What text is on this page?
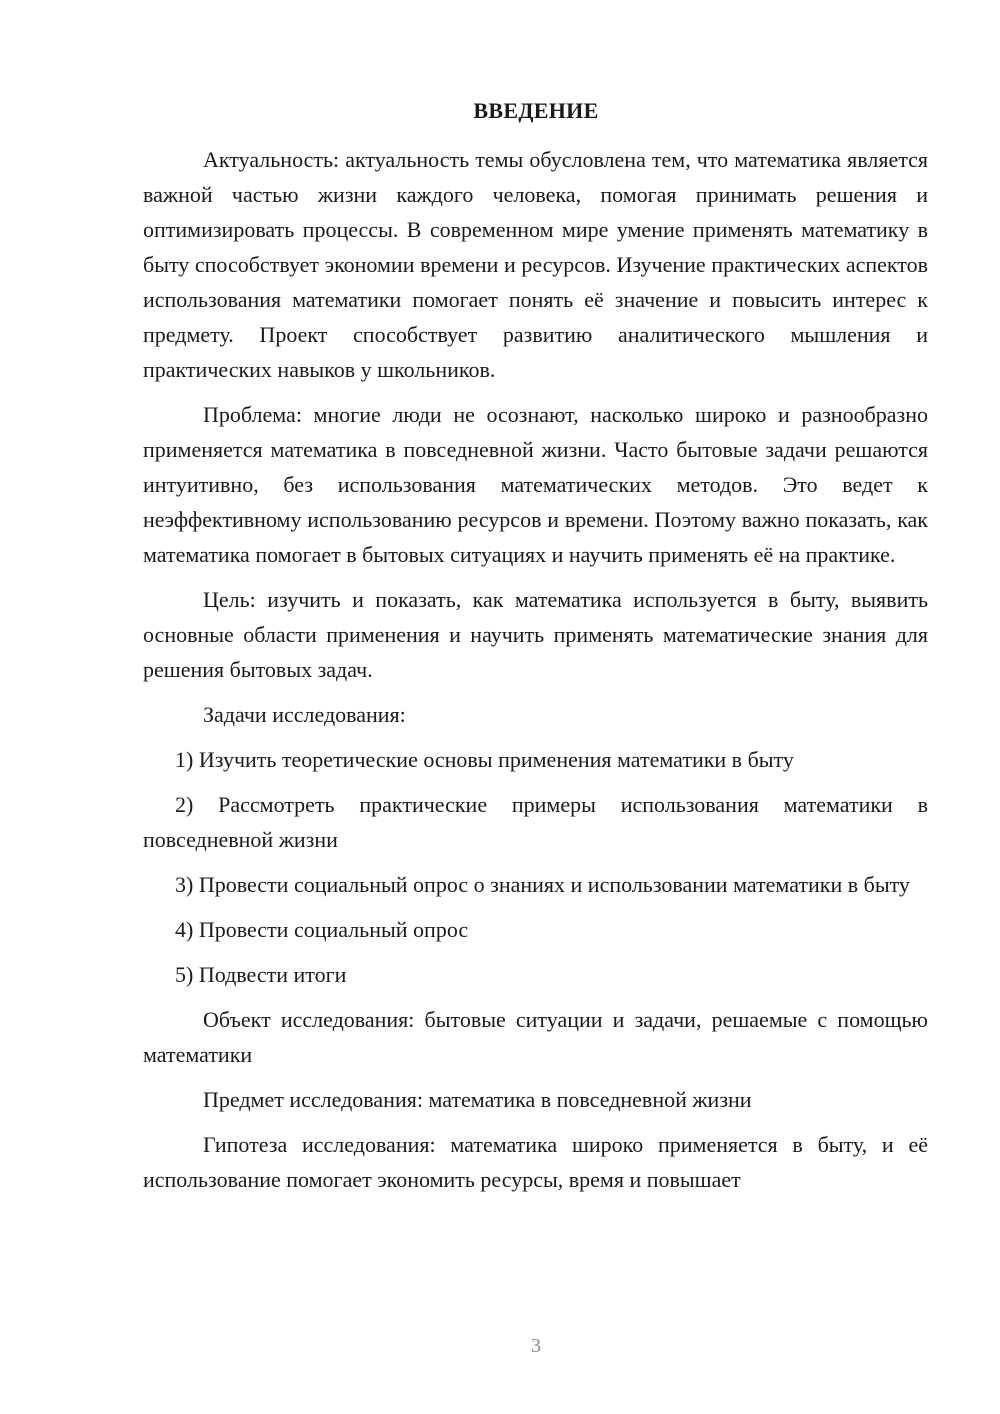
ВВЕДЕНИЕ

Актуальность: актуальность темы обусловлена тем, что математика является важной частью жизни каждого человека, помогая принимать решения и оптимизировать процессы. В современном мире умение применять математику в быту способствует экономии времени и ресурсов. Изучение практических аспектов использования математики помогает понять её значение и повысить интерес к предмету. Проект способствует развитию аналитического мышления и практических навыков у школьников.

Проблема: многие люди не осознают, насколько широко и разнообразно применяется математика в повседневной жизни. Часто бытовые задачи решаются интуитивно, без использования математических методов. Это ведет к неэффективному использованию ресурсов и времени. Поэтому важно показать, как математика помогает в бытовых ситуациях и научить применять её на практике.

Цель: изучить и показать, как математика используется в быту, выявить основные области применения и научить применять математические знания для решения бытовых задач.

Задачи исследования:

1) Изучить теоретические основы применения математики в быту

2) Рассмотреть практические примеры использования математики в повседневной жизни

3) Провести социальный опрос о знаниях и использовании математики в быту

4) Провести социальный опрос

5) Подвести итоги

Объект исследования: бытовые ситуации и задачи, решаемые с помощью математики

Предмет исследования: математика в повседневной жизни

Гипотеза исследования: математика широко применяется в быту, и её использование помогает экономить ресурсы, время и повышает

3
